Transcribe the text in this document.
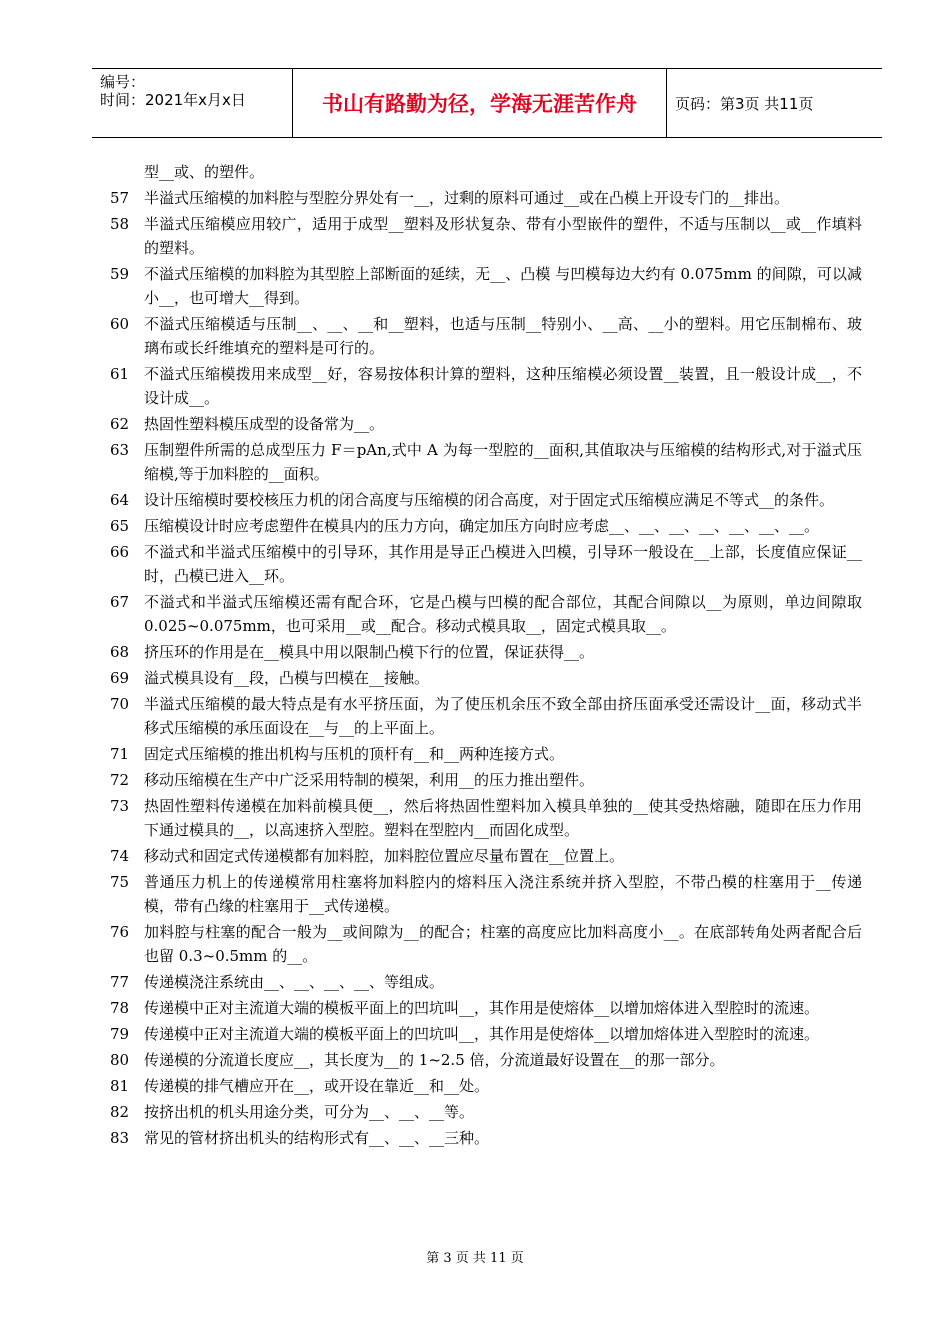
编号：
时间：2021年x月x日	书山有路勤为径，学海无涯苦作舟	页码：第3页 共11页
型__或、的塑件。
57 半溢式压缩模的加料腔与型腔分界处有一__，过剩的原料可通过__或在凸模上开设专门的__排出。
58 半溢式压缩模应用较广，适用于成型__塑料及形状复杂、带有小型嵌件的塑件，不适与压制以__或__作填料的塑料。
59 不溢式压缩模的加料腔为其型腔上部断面的延续，无__、凸模 与凹模每边大约有 0.075mm 的间隙，可以减小__，也可增大__得到。
60 不溢式压缩模适与压制__、__、__和__塑料，也适与压制__特别小、__高、__小的塑料。用它压制棉布、玻璃布或长纤维填充的塑料是可行的。
61 不溢式压缩模拨用来成型__好，容易按体积计算的塑料，这种压缩模必须设置__装置，且一般设计成__，不设计成__。
62 热固性塑料模压成型的设备常为__。
63 压制塑件所需的总成型压力 F＝pAn,式中 A 为每一型腔的__面积,其值取决与压缩模的结构形式,对于溢式压缩模,等于加料腔的__面积。
64 设计压缩模时要校核压力机的闭合高度与压缩模的闭合高度，对于固定式压缩模应满足不等式__的条件。
65 压缩模设计时应考虑塑件在模具内的压力方向，确定加压方向时应考虑__、__、__、__、__、__、__。
66 不溢式和半溢式压缩模中的引导环，其作用是导正凸模进入凹模，引导环一般设在__上部，长度值应保证__时，凸模已进入__环。
67 不溢式和半溢式压缩模还需有配合环，它是凸模与凹模的配合部位，其配合间隙以__为原则，单边间隙取 0.025~0.075mm，也可采用__或__配合。移动式模具取__，固定式模具取__。
68 挤压环的作用是在__模具中用以限制凸模下行的位置，保证获得__。
69 溢式模具设有__段，凸模与凹模在__接触。
70 半溢式压缩模的最大特点是有水平挤压面，为了使压机余压不致全部由挤压面承受还需设计__面，移动式半移式压缩模的承压面设在__与__的上平面上。
71 固定式压缩模的推出机构与压机的顶杆有__和__两种连接方式。
72 移动压缩模在生产中广泛采用特制的模架，利用__的压力推出塑件。
73 热固性塑料传递模在加料前模具便__，然后将热固性塑料加入模具单独的__使其受热熔融，随即在压力作用下通过模具的__，以高速挤入型腔。塑料在型腔内__而固化成型。
74 移动式和固定式传递模都有加料腔，加料腔位置应尽量布置在__位置上。
75 普通压力机上的传递模常用柱塞将加料腔内的熔料压入浇注系统并挤入型腔，不带凸模的柱塞用于__传递模，带有凸缘的柱塞用于__式传递模。
76 加料腔与柱塞的配合一般为__或间隙为__的配合；柱塞的高度应比加料高度小__。在底部转角处两者配合后也留 0.3~0.5mm 的__。
77 传递模浇注系统由__、__、__、__、等组成。
78 传递模中正对主流道大端的模板平面上的凹坑叫__，其作用是使熔体__以增加熔体进入型腔时的流速。
79 传递模中正对主流道大端的模板平面上的凹坑叫__，其作用是使熔体__以增加熔体进入型腔时的流速。
80 传递模的分流道长度应__，其长度为__的 1~2.5 倍，分流道最好设置在__的那一部分。
81 传递模的排气槽应开在__，或开设在靠近__和__处。
82 按挤出机的机头用途分类，可分为__、__、__等。
83 常见的管材挤出机头的结构形式有__、__、__三种。
第 3 页 共 11 页
